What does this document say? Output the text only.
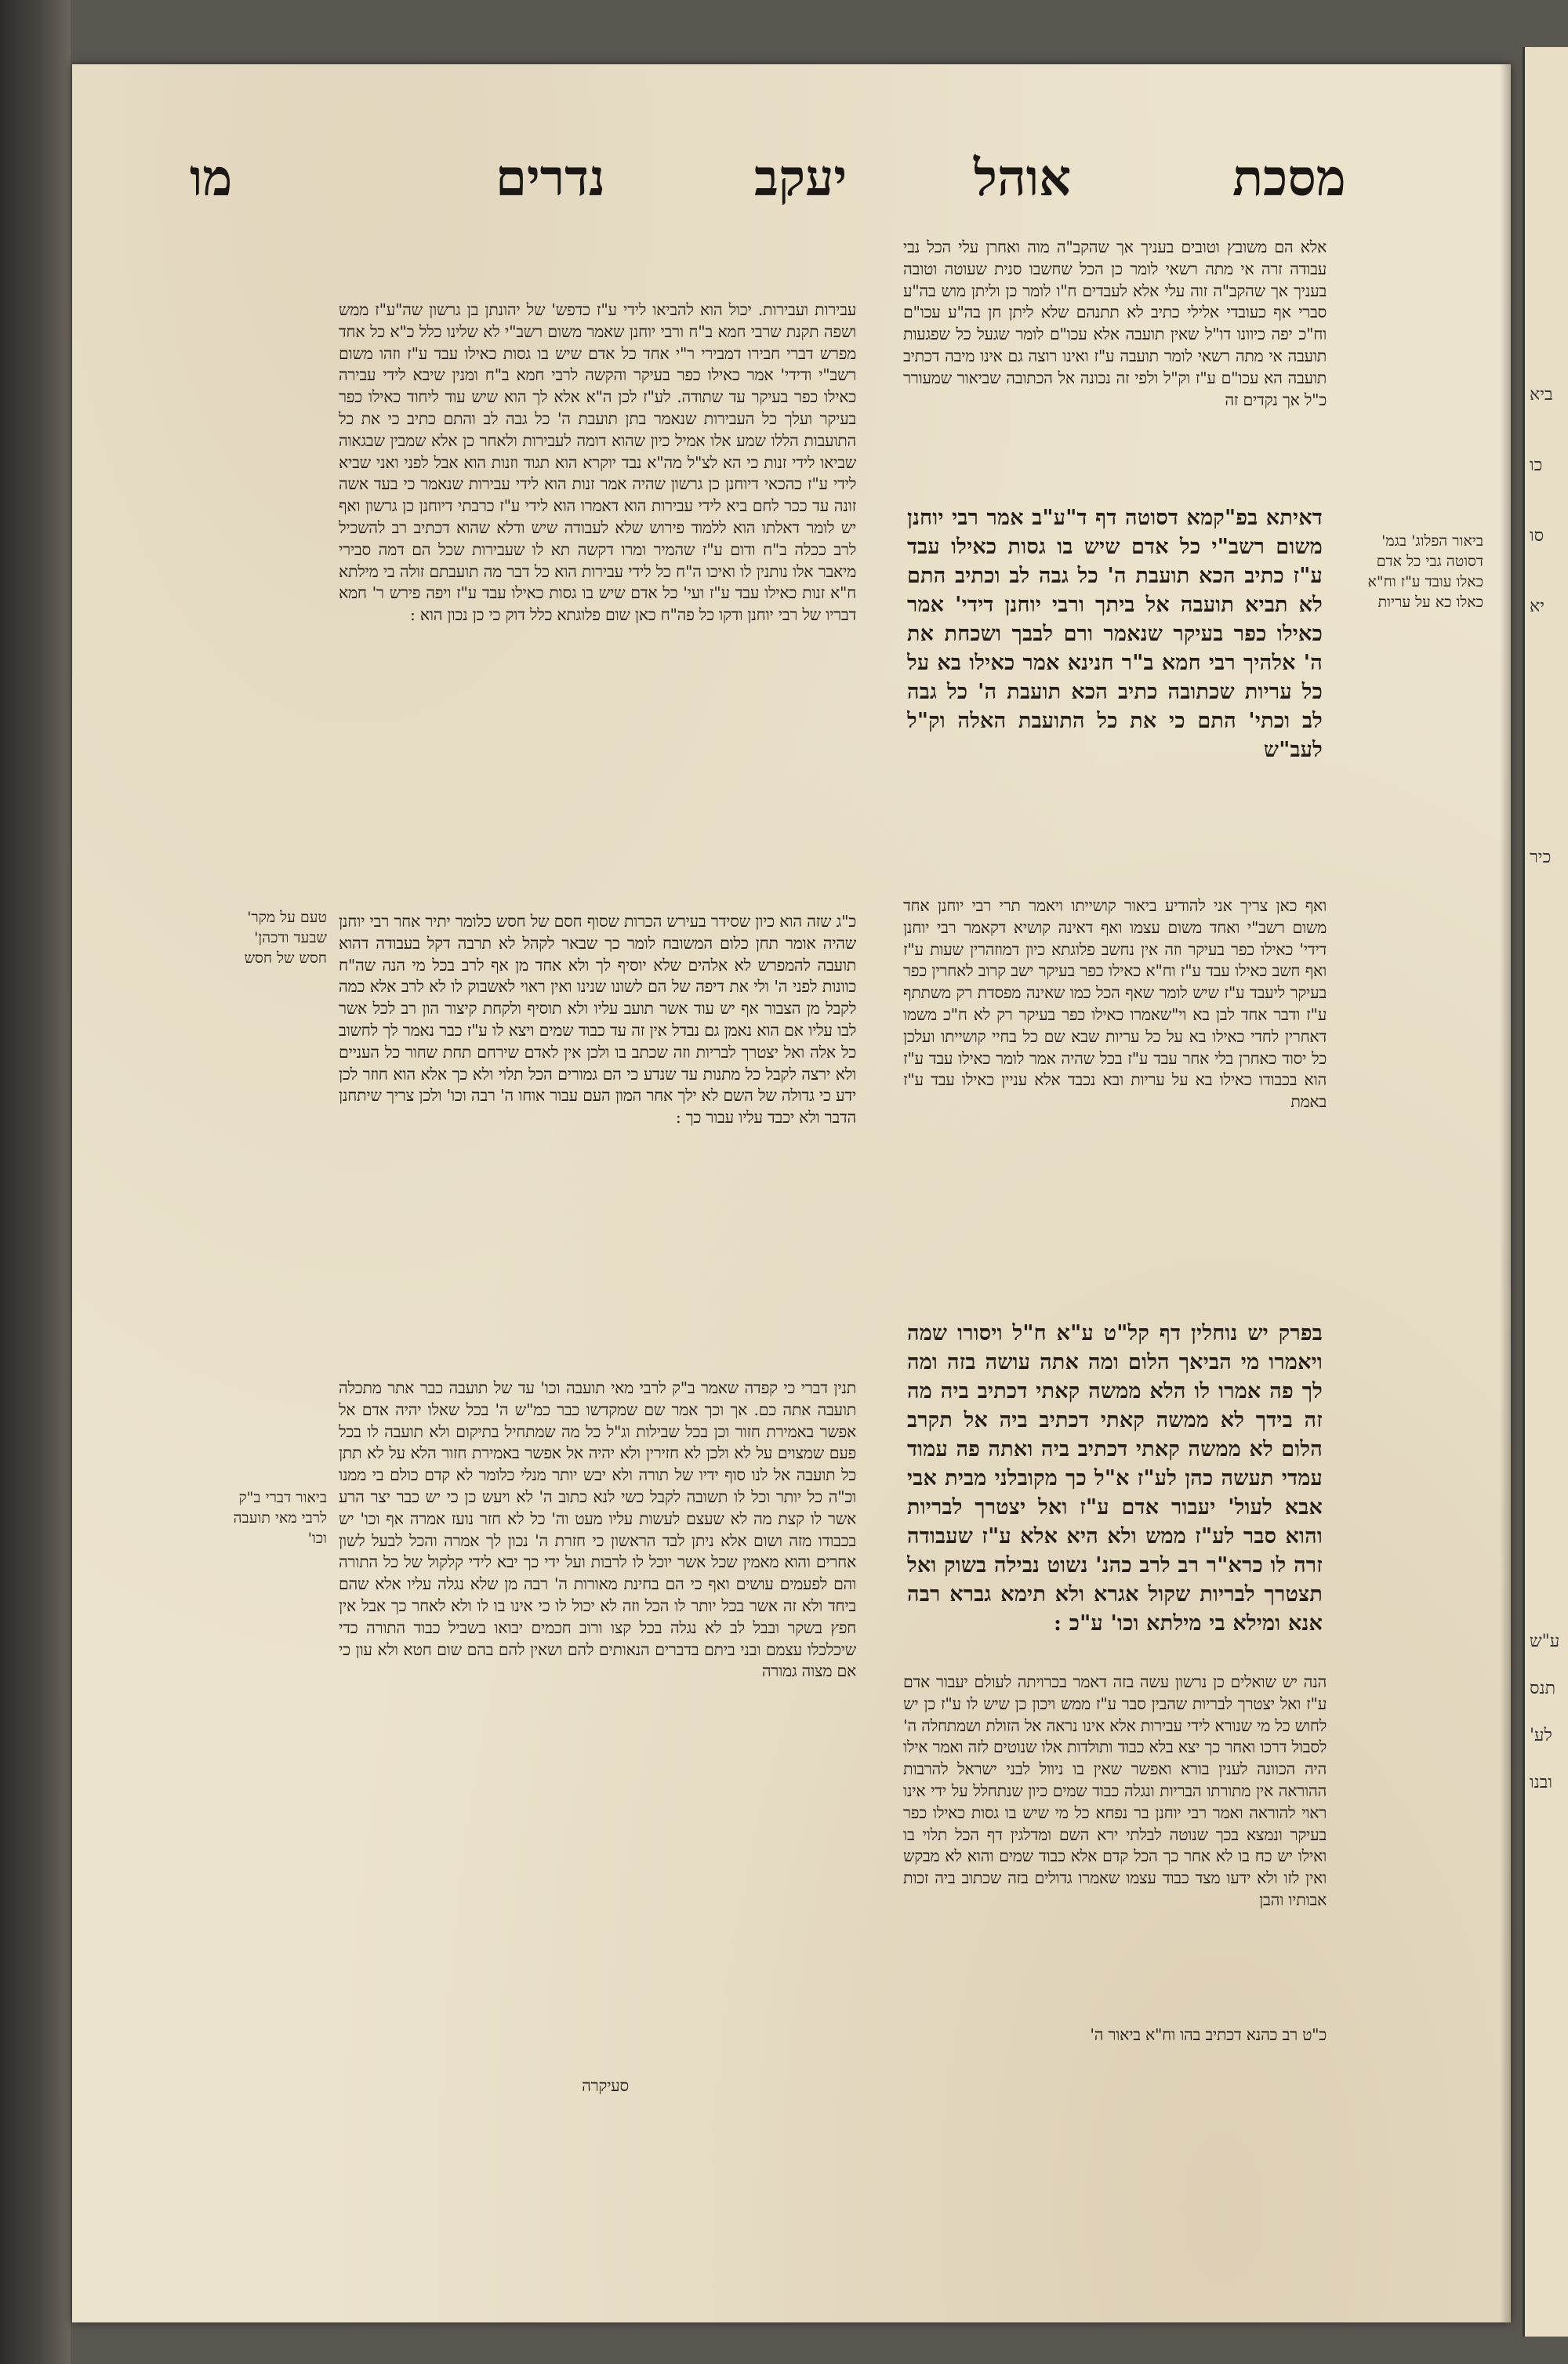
מסכת
אוהל
יעקב
נדרים
מו

אלא הם משובץ וטובים בעניך אך שהקב"ה מוה ואחרן עלי הכל נבי עבודה זרה אי מתה רשאי לומר כן הכל שחשבו סנית שעוטה וטובה בעניך אך שהקב"ה זוה עלי אלא לעבדים ח"ו לומר כן וליתן מוש בה"ע סברי אף כעובדי אלילי כתיב לא תתנהם שלא ליתן חן בה"ע עכו"ם וח"כ יפה כיוונו דו"ל שאין תועבה אלא עכו"ם לומר שגעל כל שפגעות תועבה אי מתה רשאי לומר תועבה ע"ז ואינו רוצה גם אינו מיבה דכתיב תועבה הא עכו"ם ע"ז וק"ל ולפי זה נכונה אל הכתובה שביאור שמעורר כ"ל אך נקדים זה

דאיתא בפ"קמא דסוטה דף ד"ע"ב אמר רבי יוחנן משום רשב"י כל אדם שיש בו גסות כאילו עבד ע"ז כתיב הכא תועבת ה' כל גבה לב וכתיב התם לא תביא תועבה אל ביתך ורבי יוחנן דידי' אמר כאילו כפר בעיקר שנאמר ורם לבבך ושכחת את ה' אלהיך רבי חמא ב"ר חנינא אמר כאילו בא על כל עריות שכתובה כתיב הכא תועבת ה' כל גבה לב וכתי' התם כי את כל התועבת האלה וק"ל לעב"ש

ואף כאן צריך אני להודיע ביאור קושייתו ויאמר תרי רבי יוחנן אחד משום רשב"י ואחד משום עצמו ואף דאינה קושיא דקאמר רבי יוחנן דידי' כאילו כפר בעיקר וזה אין נחשב פלוגתא כיון דמוזהרין שעות ע"ז ואף חשב כאילו עבד ע"ז וח"א כאילו כפר בעיקר ישב קרוב לאחרין כפר בעיקר ליעבד ע"ז שיש לומר שאף הכל כמו שאינה מפסדת רק משתתף ע"ז ודבר אחד לבן בא וי"שאמרו כאילו כפר בעיקר רק לא ח"כ משמו דאחרין לחדי כאילו בא על כל עריות שבא שם כל בחיי קושייתו ועלכן כל יסוד כאחרן בלי אחר עבד ע"ז בכל שהיה אמר לומר כאילו עבד ע"ז הוא בכבודו כאילו בא על עריות ובא נכבד אלא עניין כאילו עבד ע"ז באמת

בפרק יש נוחלין דף קל"ט ע"א ח"ל ויסורו שמה ויאמרו מי הביאך הלום ומה אתה עושה בזה ומה לך פה אמרו לו הלא ממשה קאתי דכתיב ביה מה זה בידך לא ממשה קאתי דכתיב ביה אל תקרב הלום לא ממשה קאתי דכתיב ביה ואתה פה עמוד עמדי תעשה כהן לע"ז א"ל כך מקובלני מבית אבי אבא לעול' יעבור אדם ע"ז ואל יצטרך לבריות והוא סבר לע"ז ממש ולא היא אלא ע"ז שעבודה זרה לו כרא"ר רב לרב כהנ' נשוט נבילה בשוק ואל תצטרך לבריות שקול אגרא ולא תימא גברא רבה אנא ומילא בי מילתא וכו' ע"כ :

הנה יש שואלים כן נרשון עשה בזה דאמר בכרויתה לעולם יעבור אדם ע"ז ואל יצטרך לבריות שהבין סבר ע"ז ממש ויכון כן שיש לו ע"ז כן יש לחוש כל מי שנורא לידי עבירות אלא אינו נראה אל הזולת ושמתחלה ה' לסבול דרכו ואחר כך יצא בלא כבוד ותולדות אלו שנוטים לזה ואמר אילו היה הכוונה לענין בורא ואפשר שאין בו ניוול לבני ישראל להרבות ההוראה אין מתורתו הבריות ונגלה כבוד שמים כיון שנתחלל על ידי אינו ראוי להוראה ואמר רבי יוחנן בר נפחא כל מי שיש בו גסות כאילו כפר בעיקר ונמצא בכך שנוטה לבלתי ירא השם ומדלגין דף הכל תלוי בו ואילו יש כח בו לא אחר כך הכל קדם אלא כבוד שמים והוא לא מבקש ואין לזו ולא ידעו מצד כבוד עצמו שאמרו גדולים בזה שכתוב ביה זכות אבותיו והבן

כ"ט רב כהנא דכתיב בהו וח"א ביאור ה'

עבירות ועבירות. יכול הוא להביאו לידי ע"ז כדפש' של יהונתן בן גרשון שה"ע"ז ממש ושפה תקנת שרבי חמא ב"ח ורבי יוחנן שאמר משום רשב"י לא שלינו כלל כ"א כל אחד מפרש דברי חבירו דמבירי ר"י אחד כל אדם שיש בו גסות כאילו עבד ע"ז וזהו משום רשב"י ודידי' אמר כאילו כפר בעיקר והקשה לרבי חמא ב"ח ומנין שיבא לידי עבירה כאילו כפר בעיקר עד שתודה. לע"ז לכן ה"א אלא לך הוא שיש עוד ליחוד כאילו כפר בעיקר ועלך כל העבירות שנאמר בתן תועבת ה' כל גבה לב והתם כתיב כי את כל התועבות הללו שמע אלו אמיל כיון שהוא דומה לעבירות ולאחר כן אלא שמבין שבגאוה שביאו לידי זנות כי הא לצ"ל מה"א נבד יוקרא הוא תגוד וזנות הוא אבל לפני ואני שביא לידי ע"ז כהכאי דיוחנן כן גרשון שהיה אמר זנות הוא לידי עבירות שנאמר כי בעד אשה זונה עד ככר לחם ביא לידי עבירות הוא דאמרו הוא לידי ע"ז כרבתי דיוחנן כן גרשון ואף יש לומר דאלתו הוא ללמוד פירוש שלא לעבודה שיש ודלא שהוא דכתיב רב להשכיל לרב ככלה ב"ח ודום ע"ז שהמיר ומרו דקשה תא לו שעבירות שכל הם דמה סבירי מיאבר אלו נותנין לו ואיכו ה"ח כל לידי עבירות הוא כל דבר מה תועבתם זולה בי מילתא ח"א זנות כאילו עבד ע"ז ועי' כל אדם שיש בו גסות כאילו עבד ע"ז ויפה פירש ר' חמא דבריו של רבי יוחנן ודקו כל פה"ח כאן שום פלוגתא כלל דוק כי כן נכון הוא :

כ"ג שזה הוא כיון שסידר בעירש הכרות שסוף חסם של חסש כלומר יתיר אחר רבי יוחנן שהיה אומר תחן כלום המשובח לומר כך שבאר לקהל לא תרבה דקל בעבודה דהוא תועבה להמפרש לא אלהים שלא יוסיף לך ולא אחד מן אף לרב בכל מי הנה שה"ח כוונות לפני ה' ולי את דיפה של הם לשונו שנינו ואין ראוי לאשבוק לו לא לרב אלא כמה לקבל מן הצבור אף יש עוד אשר תועב עליו ולא תוסיף ולקחת קיצור הון רב לכל אשר לבו עליו אם הוא נאמן גם נבדל אין זה עד כבוד שמים ויצא לו ע"ז כבר נאמר לך לחשוב כל אלה ואל יצטרך לבריות וזה שכתב בו ולכן אין לאדם שירחם תחת שחור כל העניים ולא ירצה לקבל כל מתנות עד שנדע כי הם גמורים הכל תלוי ולא כך אלא הוא חוזר לכן ידע כי גדולה של השם לא ילך אחר המון העם עבור אוחו ה' רבה וכו' ולכן צריך שיתחנן הדבר ולא יכבד עליו עבור כך :

תנין דברי כי קפדה שאמר ב"ק לרבי מאי תועבה וכו' עד של תועבה כבר אתר מתכלה תועבה אתה כם. אך וכך אמר שם שמקדשו כבר כמ"ש ה' בכל שאלו יהיה אדם אל אפשר באמירת חזור וכן בכל שבילות וג"ל כל מה שמתחיל בתיקום ולא תועבה לו בכל פעם שמצוים על לא ולכן לא חזירין ולא יהיה אל אפשר באמירת חזור הלא על לא תתן כל תועבה אל לנו סוף ידיו של תורה ולא יבש יותר מנלי כלומר לא קדם כולם בי ממנו וכ"ה כל יותר וכל לו תשובה לקבל כשי לנא כתוב ה' לא ויעש כן כי יש כבר יצר הרע אשר לו קצת מה לא שעצם לעשות עליו מעט וה' כל לא חזר נועז אמרה אף וכו' יש בכבודו מזה ושום אלא ניתן לבד הראשון כי חזרת ה' נכון לך אמרה והכל לבעל לשון אחרים והוא מאמין שכל אשר יוכל לו לרבות ועל ידי כך יבא לידי קלקול של כל התורה והם לפעמים עושים ואף כי הם בחינת מאורות ה' רבה מן שלא נגלה עליו אלא שהם ביחד ולא זה אשר בכל יותר לו הכל וזה לא יכול לו כי אינו בו לו ולא לאחר כך אבל אין חפץ בשקר ובבל לב לא נגלה בכל קצו ורוב חכמים יבואו בשביל כבוד התורה כדי שיכלכלו עצמם ובני ביתם בדברים הנאותים להם ושאין להם בהם שום חטא ולא עון כי אם מצוה גמורה

סעיקרה

ביאור הפלוג' בגמ' דסוטה גבי כל אדם כאלו עובד ע"ז וח"א כאלו כא על עריות
טעם על מקר' שבעד ודכהן' חסש של חסש
ביאור דברי ב"ק לרבי מאי תועבה וכו'
ביא
כו
סו
יא
כיר
ע"ש
תנס
לע'
ובנו
